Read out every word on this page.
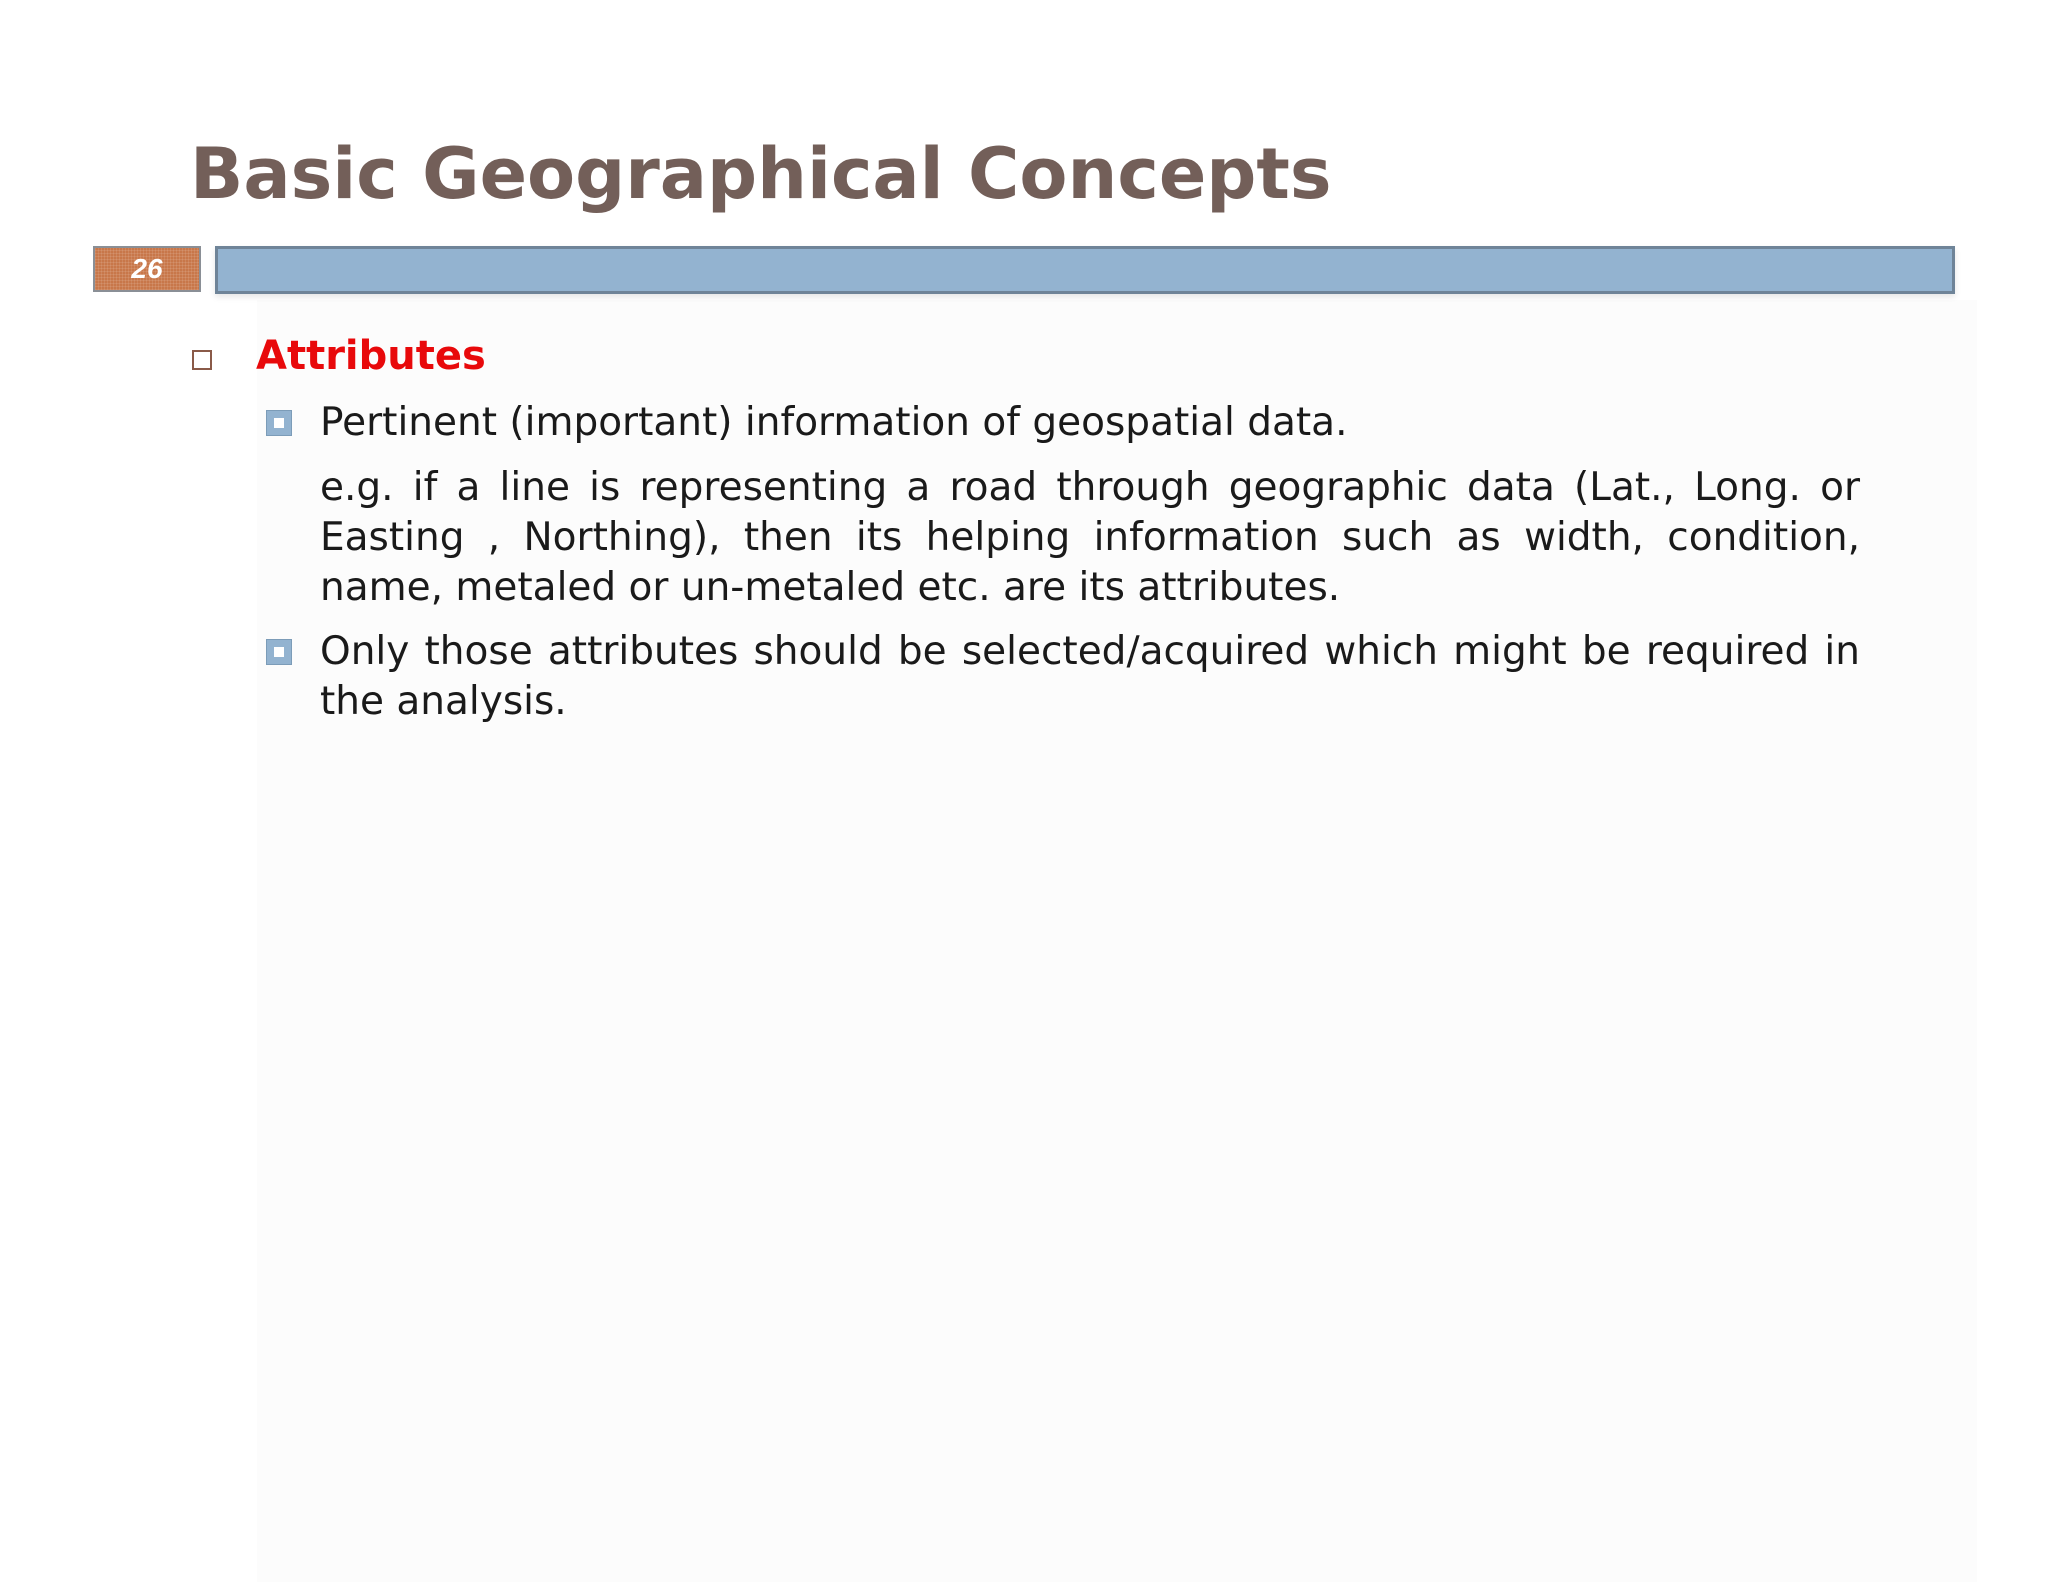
Basic Geographical Concepts
26
Attributes

Pertinent (important) information of geospatial data.

e.g. if a line is representing a road through geographic data (Lat., Long. or Easting , Northing), then its helping information such as width, condition, name, metaled or un-metaled etc. are its attributes.

Only those attributes should be selected/acquired which might be required in the analysis.
